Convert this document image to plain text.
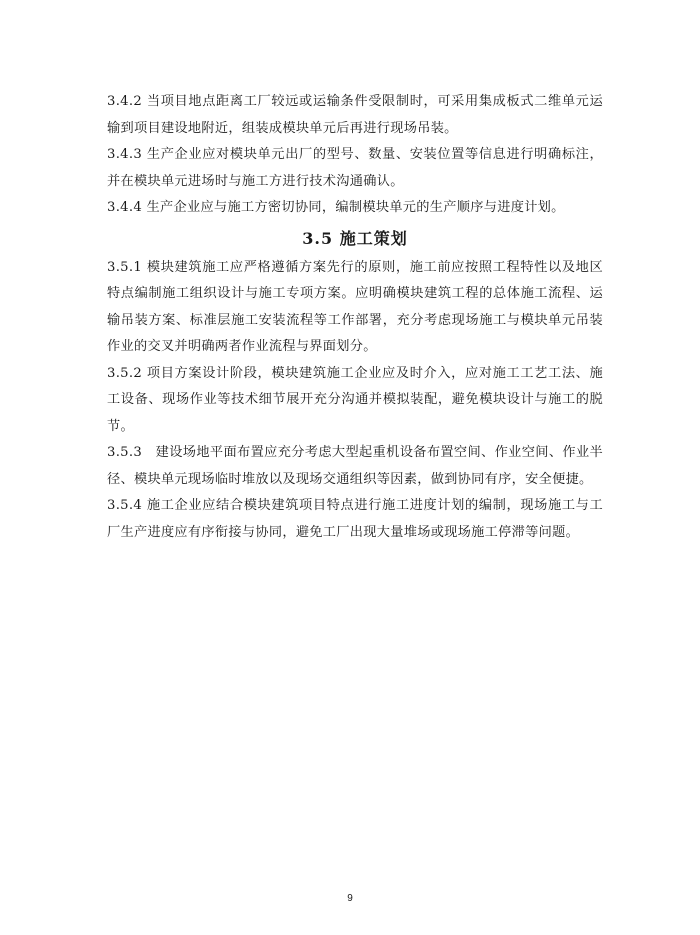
3.4.2 当项目地点距离工厂较远或运输条件受限制时，可采用集成板式二维单元运输到项目建设地附近，组装成模块单元后再进行现场吊装。

3.4.3 生产企业应对模块单元出厂的型号、数量、安装位置等信息进行明确标注，并在模块单元进场时与施工方进行技术沟通确认。

3.4.4 生产企业应与施工方密切协同，编制模块单元的生产顺序与进度计划。

3.5 施工策划

3.5.1 模块建筑施工应严格遵循方案先行的原则，施工前应按照工程特性以及地区特点编制施工组织设计与施工专项方案。应明确模块建筑工程的总体施工流程、运输吊装方案、标准层施工安装流程等工作部署，充分考虑现场施工与模块单元吊装作业的交叉并明确两者作业流程与界面划分。

3.5.2 项目方案设计阶段，模块建筑施工企业应及时介入，应对施工工艺工法、施工设备、现场作业等技术细节展开充分沟通并模拟装配，避免模块设计与施工的脱节。

3.5.3　建设场地平面布置应充分考虑大型起重机设备布置空间、作业空间、作业半径、模块单元现场临时堆放以及现场交通组织等因素，做到协同有序，安全便捷。

3.5.4 施工企业应结合模块建筑项目特点进行施工进度计划的编制，现场施工与工厂生产进度应有序衔接与协同，避免工厂出现大量堆场或现场施工停滞等问题。

9
